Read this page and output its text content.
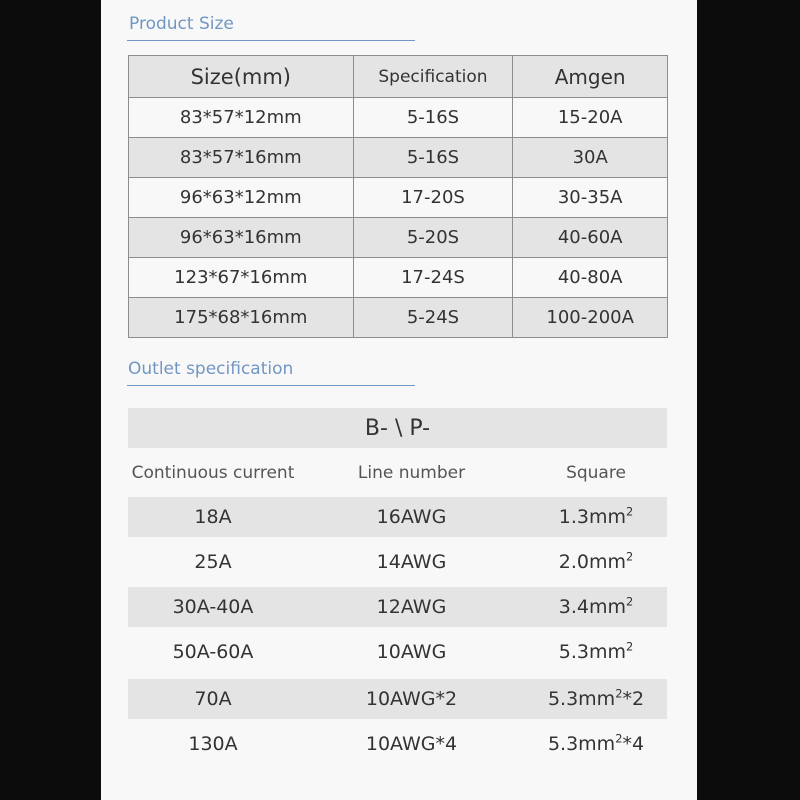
Product Size
Size(mm)	Specification	Amgen
83*57*12mm	5-16S	15-20A
83*57*16mm	5-16S	30A
96*63*12mm	17-20S	30-35A
96*63*16mm	5-20S	40-60A
123*67*16mm	17-24S	40-80A
175*68*16mm	5-24S	100-200A
Outlet specification
B- \ P-
Continuous current	Line number	Square
18A	16AWG	$1.3mm^2$
25A	14AWG	$2.0mm^2$
30A-40A	12AWG	$3.4mm^2$
50A-60A	10AWG	$5.3mm^2$
70A	10AWG*2	$5.3mm^2*2$
130A	10AWG*4	$5.3mm^2*4$
